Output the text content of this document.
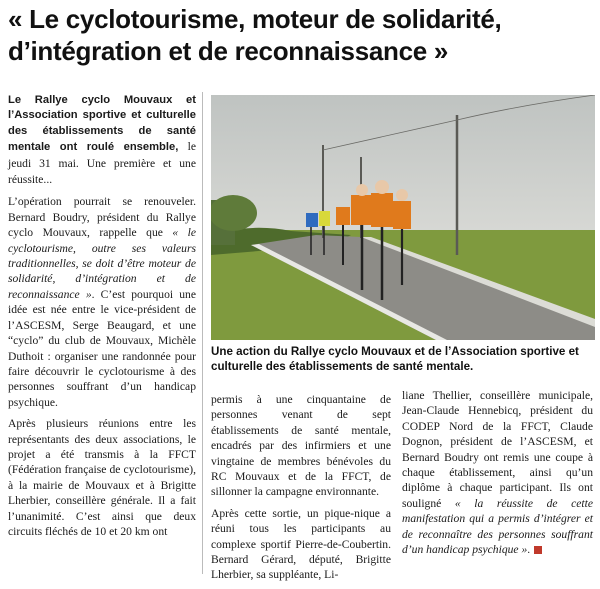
« Le cyclotourisme, moteur de solidarité, d’intégration et de reconnaissance »

Le Rallye cyclo Mouvaux et l’Association sportive et culturelle des établissements de santé mentale ont roulé ensemble, le jeudi 31 mai. Une première et une réussite...

L’opération pourrait se renouveler. Bernard Boudry, président du Rallye cyclo Mouvaux, rappelle que « le cyclotourisme, outre ses valeurs traditionnelles, se doit d’être moteur de solidarité, d’intégration et de reconnaissance ». C’est pourquoi une idée est née entre le vice-président de l’ASCESM, Serge Beaugard, et une “cyclo” du club de Mouvaux, Michèle Duthoit : organiser une randonnée pour faire découvrir le cyclotourisme à des personnes souffrant d’un handicap psychique.

Après plusieurs réunions entre les représentants des deux associations, le projet a été transmis à la FFCT (Fédération française de cyclotourisme), à la mairie de Mouvaux et à Brigitte Lherbier, conseillère générale. Il a fait l’unanimité. C’est ainsi que deux circuits fléchés de 10 et 20 km ont

Une action du Rallye cyclo Mouvaux et de l’Association sportive et culturelle des établissements de santé mentale.

permis à une cinquantaine de personnes venant de sept établissements de santé mentale, encadrés par des infirmiers et une vingtaine de membres bénévoles du RC Mouvaux et de la FFCT, de sillonner la campagne environnante.

Après cette sortie, un pique-nique a réuni tous les participants au complexe sportif Pierre-de-Coubertin. Bernard Gérard, député, Brigitte Lherbier, sa suppléante, Li-

liane Thellier, conseillère municipale, Jean-Claude Hennebicq, président du CODEP Nord de la FFCT, Claude Dognon, président de l’ASCESM, et Bernard Boudry ont remis une coupe à chaque établissement, ainsi qu’un diplôme à chaque participant. Ils ont souligné « la réussite de cette manifestation qui a permis d’intégrer et de reconnaître des personnes souffrant d’un handicap psychique ».
